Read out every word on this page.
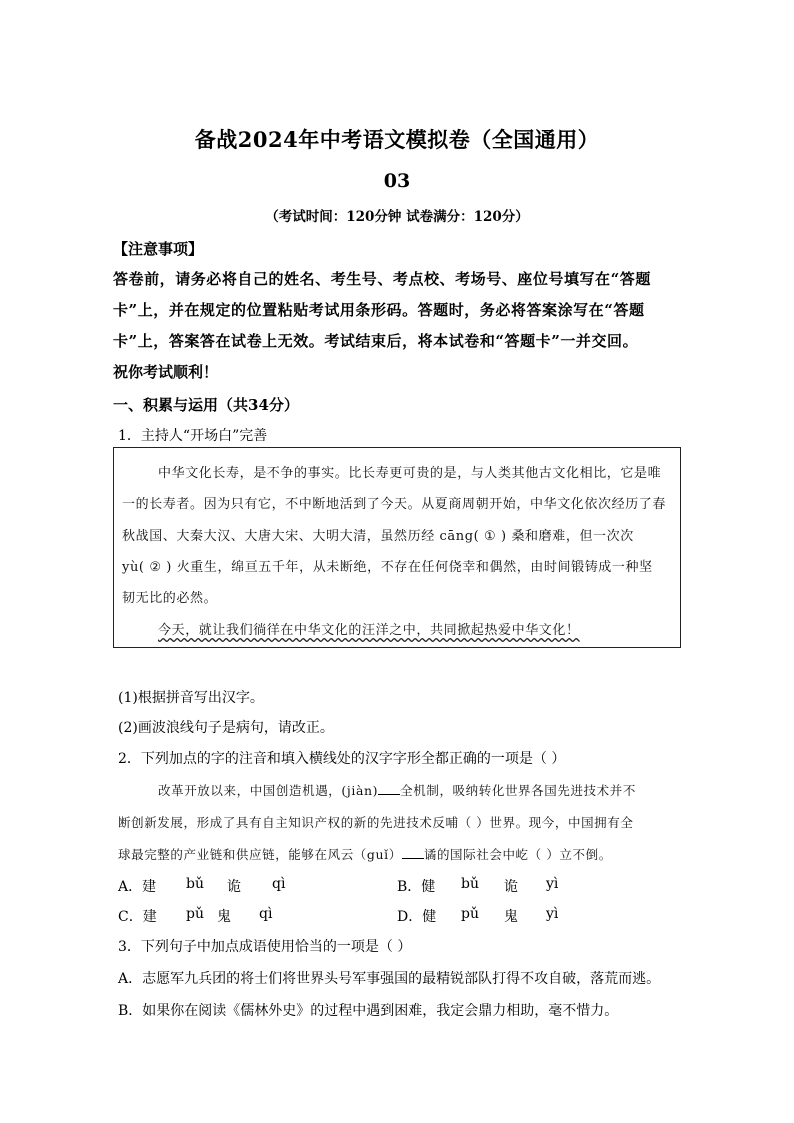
备战2024年中考语文模拟卷（全国通用）
03
（考试时间：120分钟 试卷满分：120分）
【注意事项】
答卷前，请务必将自己的姓名、考生号、考点校、考场号、座位号填写在“答题
卡”上，并在规定的位置粘贴考试用条形码。答题时，务必将答案涂写在“答题
卡”上，答案答在试卷上无效。考试结束后，将本试卷和“答题卡”一并交回。
祝你考试顺利！
一、积累与运用（共34分）
1．主持人“开场白”完善
中华文化长寿，是不争的事实。比长寿更可贵的是，与人类其他古文化相比，它是唯
一的长寿者。因为只有它，不中断地活到了今天。从夏商周朝开始，中华文化依次经历了春
秋战国、大秦大汉、大唐大宋、大明大清，虽然历经 cāng( ① ) 桑和磨难，但一次次
yù( ② ) 火重生，绵亘五千年，从未断绝，不存在任何侥幸和偶然，由时间锻铸成一种坚
韧无比的必然。
今天，就让我们徜徉在中华文化的汪洋之中，共同掀起热爱中华文化！
(1)根据拼音写出汉字。
(2)画波浪线句子是病句，请改正。
2．下列加点的字的注音和填入横线处的汉字字形全都正确的一项是（ ）
改革开放以来，中国创造机遇，(jiàn) 全机制，吸纳转化世界各国先进技术并不
断创新发展，形成了具有自主知识产权的新的先进技术反哺（ ）世界。现今，中国拥有全
球最完整的产业链和供应链，能够在风云（guǐ） 谲的国际社会中屹（ ）立不倒。
A．建 bǔ 诡 qì	B．健 bǔ 诡 yì
C．建 pǔ 鬼 qì	D．健 pǔ 鬼 yì
3．下列句子中加点成语使用恰当的一项是（ ）
A．志愿军九兵团的将士们将世界头号军事强国的最精锐部队打得不攻自破，落荒而逃。
B．如果你在阅读《儒林外史》的过程中遇到困难，我定会鼎力相助，毫不惜力。
